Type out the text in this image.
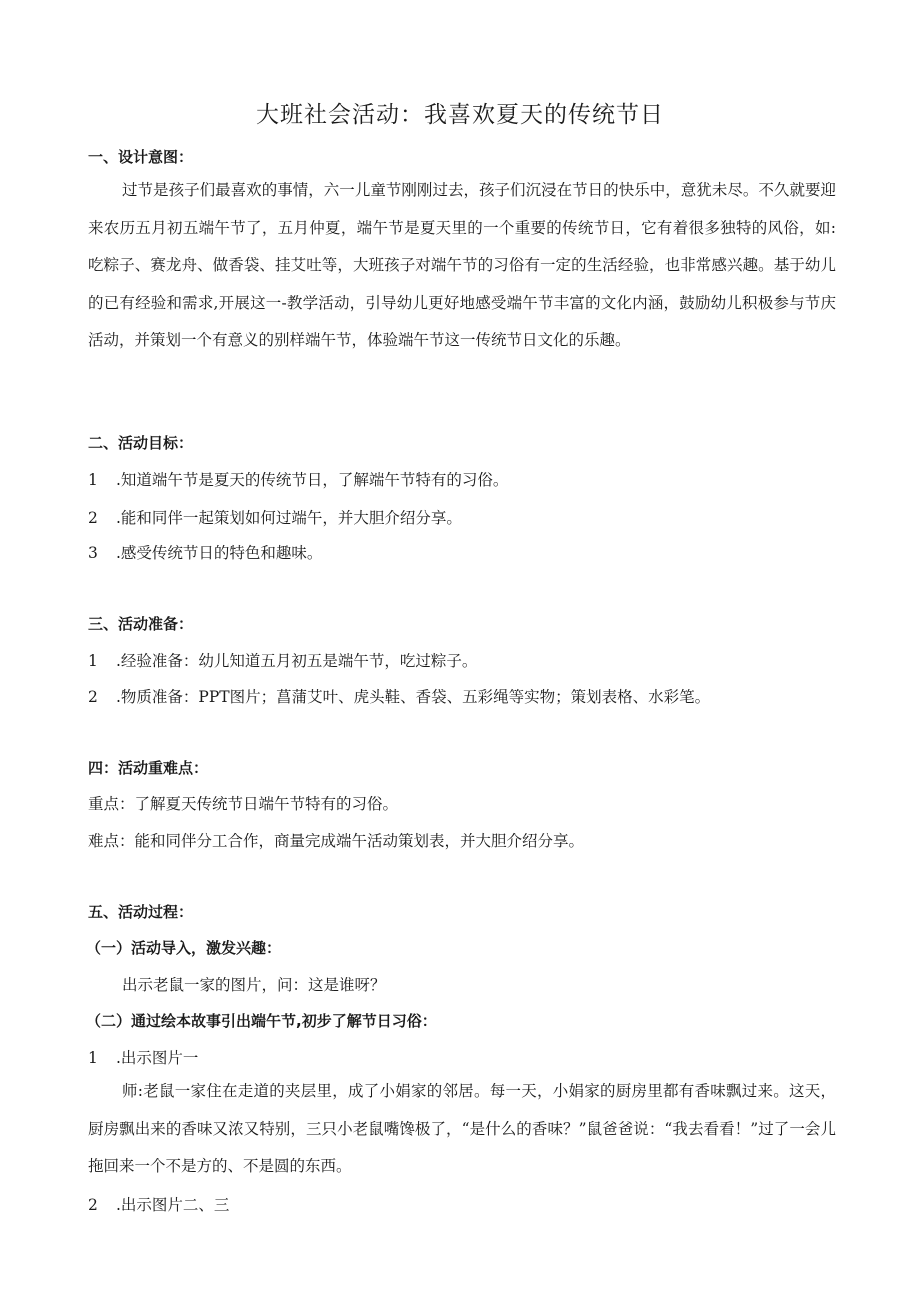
大班社会活动：我喜欢夏天的传统节日
一、设计意图：
过节是孩子们最喜欢的事情，六一儿童节刚刚过去，孩子们沉浸在节日的快乐中，意犹未尽。不久就要迎来农历五月初五端午节了，五月仲夏，端午节是夏天里的一个重要的传统节日，它有着很多独特的风俗，如:吃粽子、赛龙舟、做香袋、挂艾吐等，大班孩子对端午节的习俗有一定的生活经验，也非常感兴趣。基于幼儿的已有经验和需求,开展这一-教学活动，引导幼儿更好地感受端午节丰富的文化内涵，鼓励幼儿积极参与节庆活动，并策划一个有意义的别样端午节，体验端午节这一传统节日文化的乐趣。
二、活动目标：
1 .知道端午节是夏天的传统节日，了解端午节特有的习俗。
2 .能和同伴一起策划如何过端午，并大胆介绍分享。
3 .感受传统节日的特色和趣味。
三、活动准备：
1 .经验准备：幼儿知道五月初五是端午节，吃过粽子。
2 .物质准备：PPT图片；菖蒲艾叶、虎头鞋、香袋、五彩绳等实物；策划表格、水彩笔。
四：活动重难点：
重点：了解夏天传统节日端午节特有的习俗。
难点：能和同伴分工合作，商量完成端午活动策划表，并大胆介绍分享。
五、活动过程：
（一）活动导入，激发兴趣：
出示老鼠一家的图片，问：这是谁呀？
（二）通过绘本故事引出端午节,初步了解节日习俗：
1 .出示图片一
师:老鼠一家住在走道的夹层里，成了小娟家的邻居。每一天，小娟家的厨房里都有香味飘过来。这天，厨房飘出来的香味又浓又特别，三只小老鼠嘴馋极了，“是什么的香味？”鼠爸爸说：“我去看看！”过了一会儿拖回来一个不是方的、不是圆的东西。
2 .出示图片二、三
